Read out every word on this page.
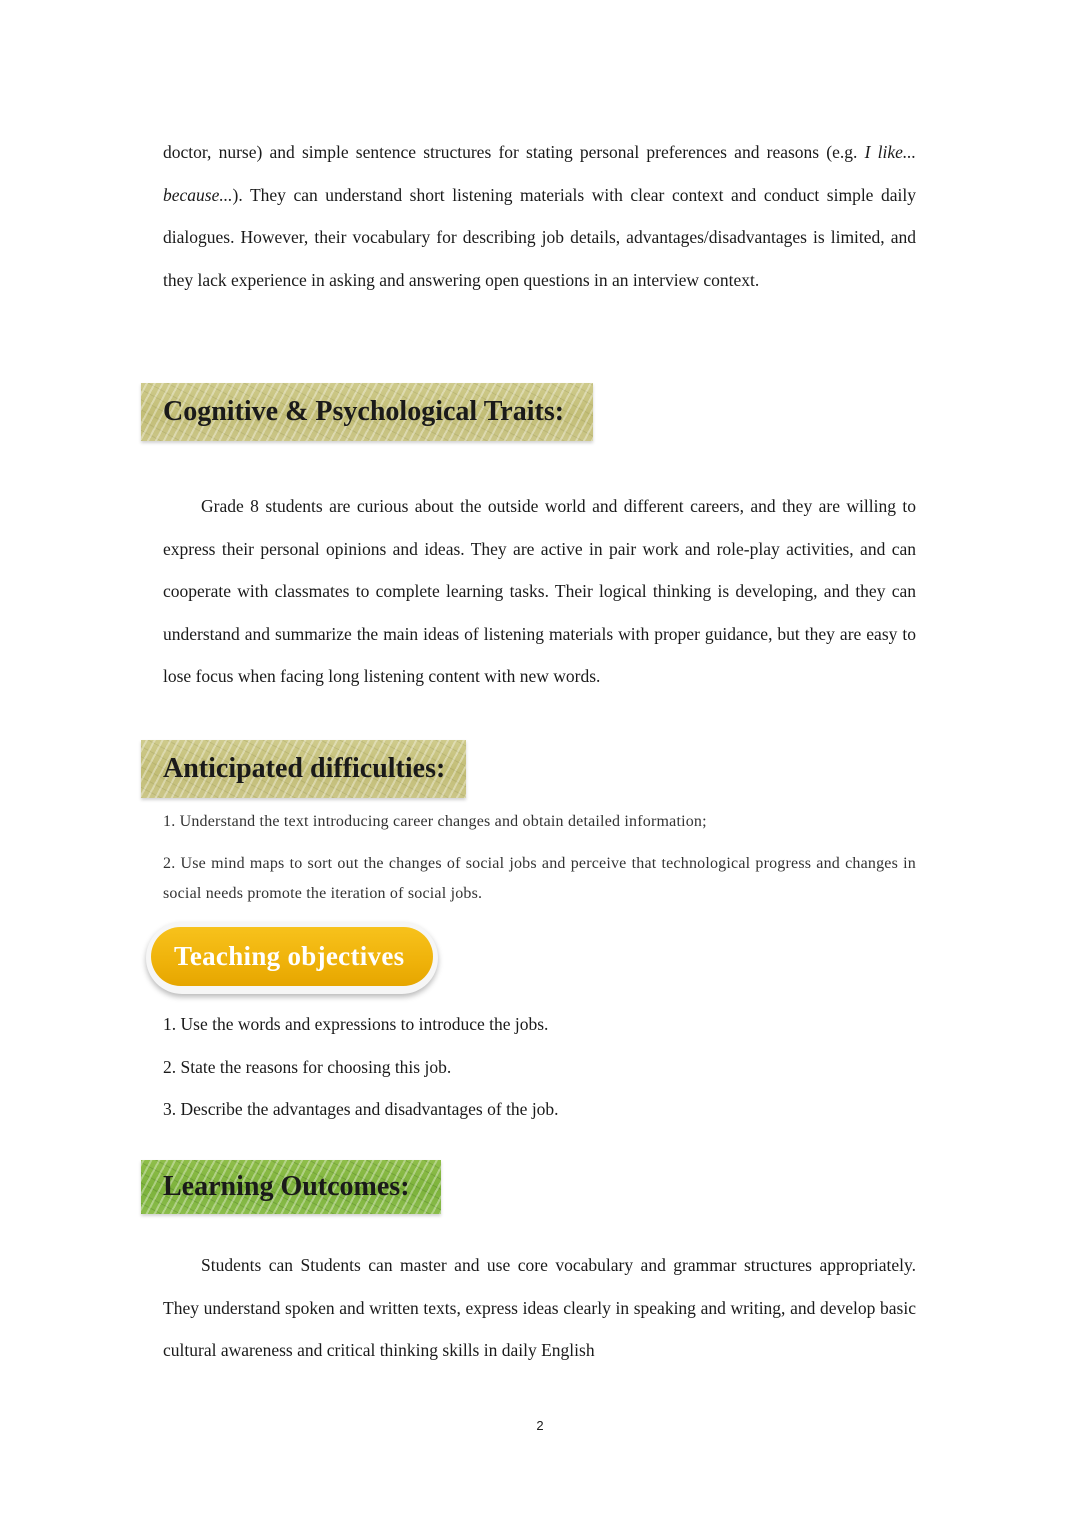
doctor, nurse) and simple sentence structures for stating personal preferences and reasons (e.g. I like... because...). They can understand short listening materials with clear context and conduct simple daily dialogues. However, their vocabulary for describing job details, advantages/disadvantages is limited, and they lack experience in asking and answering open questions in an interview context.

Cognitive & Psychological Traits:

Grade 8 students are curious about the outside world and different careers, and they are willing to express their personal opinions and ideas. They are active in pair work and role-play activities, and can cooperate with classmates to complete learning tasks. Their logical thinking is developing, and they can understand and summarize the main ideas of listening materials with proper guidance, but they are easy to lose focus when facing long listening content with new words.

Anticipated difficulties:

1. Understand the text introducing career changes and obtain detailed information;

2. Use mind maps to sort out the changes of social jobs and perceive that technological progress and changes in social needs promote the iteration of social jobs.

Teaching objectives

1. Use the words and expressions to introduce the jobs.

2. State the reasons for choosing this job.

3. Describe the advantages and disadvantages of the job.

Learning Outcomes:

Students can Students can master and use core vocabulary and grammar structures appropriately. They understand spoken and written texts, express ideas clearly in speaking and writing, and develop basic cultural awareness and critical thinking skills in daily English

2
